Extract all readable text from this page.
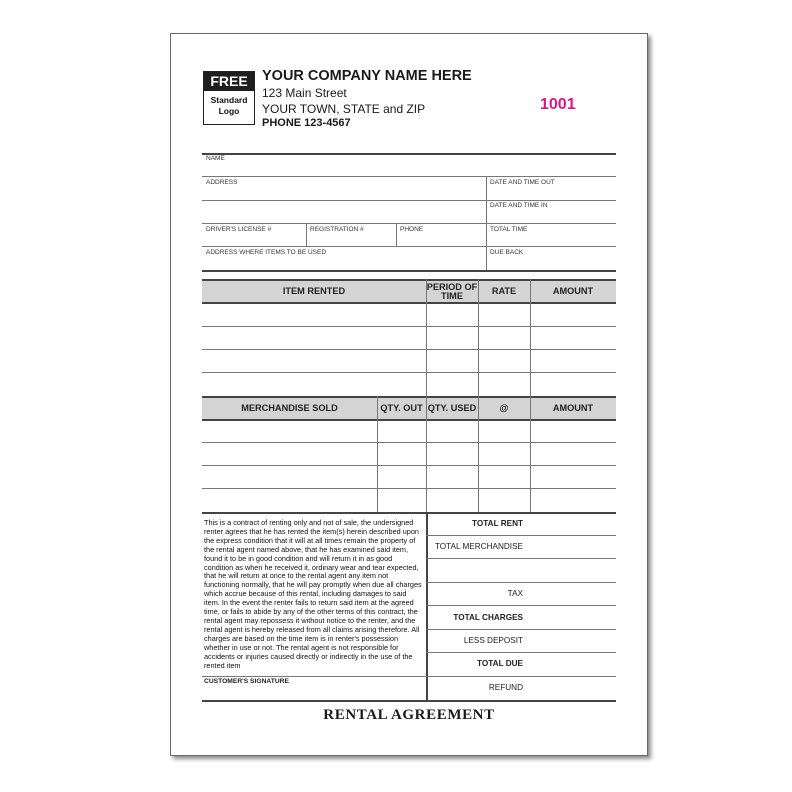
FREE
Standard
Logo
YOUR COMPANY NAME HERE
123 Main Street
YOUR TOWN, STATE and ZIP
PHONE 123-4567
1001
NAME
ADDRESS	DATE AND TIME OUT
DATE AND TIME IN
DRIVER'S LICENSE #	REGISTRATION #	PHONE	TOTAL TIME
ADDRESS WHERE ITEMS TO BE USED	DUE BACK
ITEM RENTED	PERIOD OF TIME	RATE	AMOUNT
MERCHANDISE SOLD	QTY. OUT QTY. USED	@	AMOUNT
This is a contract of renting only and not of sale, the undersigned renter agrees that he has rented the item(s) herein described upon the express condition that it will at all times remain the property of the rental agent named above, that he has examined said item, found it to be in good condition and will return it in as good condition as when he received it, ordinary wear and tear expected, that he will return at once to the rental agent any item not functioning normally, that he will pay promptly when due all charges which accrue because of this rental, including damages to said item. In the event the renter fails to return said item at the agreed time, or fails to abide by any of the other terms of this contract, the rental agent may repossess it without notice to the renter, and the rental agent is hereby released from all claims arising therefore. All charges are based on the time item is in renter's possession whether in use or not. The rental agent is not responsible for accidents or injuries caused directly or indirectly in the use of the rented item
TOTAL RENT
TOTAL MERCHANDISE
TAX
TOTAL CHARGES
LESS DEPOSIT
TOTAL DUE
CUSTOMER'S SIGNATURE
REFUND
RENTAL AGREEMENT
